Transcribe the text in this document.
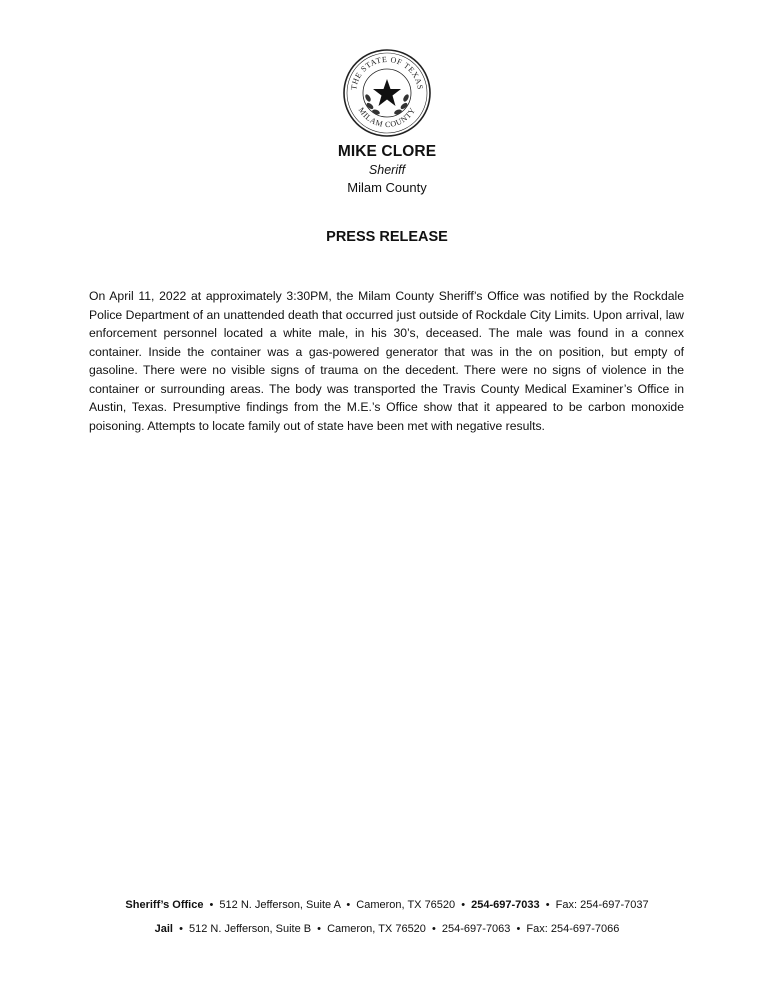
THE STATE OF TEXAS
MILAM COUNTY
MIKE CLORE
Sheriff
Milam County
PRESS RELEASE
On April 11, 2022 at approximately 3:30PM, the Milam County Sheriff’s Office was notified by the Rockdale Police Department of an unattended death that occurred just outside of Rockdale City Limits. Upon arrival, law enforcement personnel located a white male, in his 30’s, deceased. The male was found in a connex container. Inside the container was a gas-powered generator that was in the on position, but empty of gasoline. There were no visible signs of trauma on the decedent. There were no signs of violence in the container or surrounding areas. The body was transported the Travis County Medical Examiner’s Office in Austin, Texas. Presumptive findings from the M.E.’s Office show that it appeared to be carbon monoxide poisoning. Attempts to locate family out of state have been met with negative results.
Sheriff’s Office • 512 N. Jefferson, Suite A • Cameron, TX 76520 • 254-697-7033 • Fax: 254-697-7037
Jail • 512 N. Jefferson, Suite B • Cameron, TX 76520 • 254-697-7063 • Fax: 254-697-7066
